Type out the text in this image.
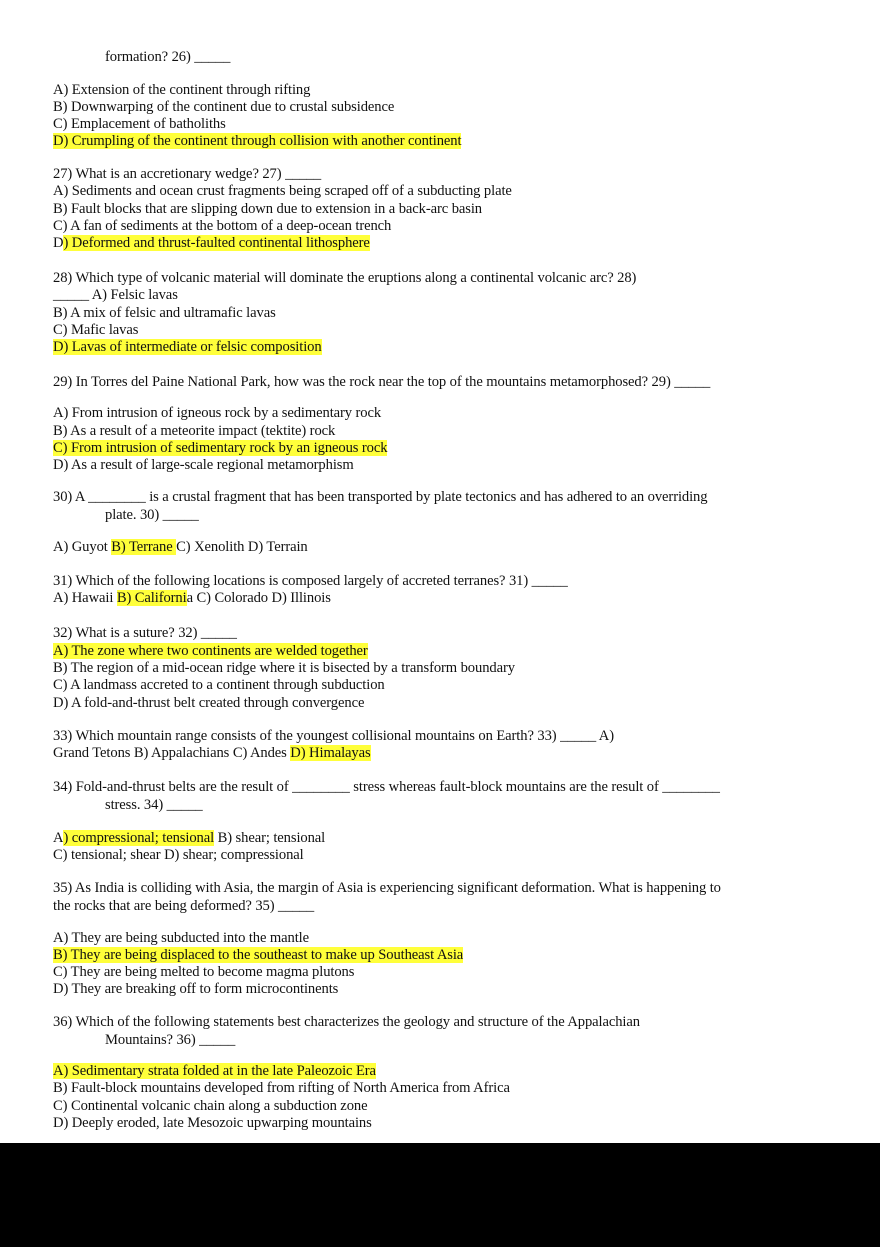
formation? 26) _____
A) Extension of the continent through rifting
B) Downwarping of the continent due to crustal subsidence
C) Emplacement of batholiths
D) Crumpling of the continent through collision with another continent
27) What is an accretionary wedge? 27) _____
A) Sediments and ocean crust fragments being scraped off of a subducting plate
B) Fault blocks that are slipping down due to extension in a back-arc basin
C) A fan of sediments at the bottom of a deep-ocean trench
D) Deformed and thrust-faulted continental lithosphere
28) Which type of volcanic material will dominate the eruptions along a continental volcanic arc? 28)
_____ A) Felsic lavas
B) A mix of felsic and ultramafic lavas
C) Mafic lavas
D) Lavas of intermediate or felsic composition
29) In Torres del Paine National Park, how was the rock near the top of the mountains metamorphosed? 29) _____
A) From intrusion of igneous rock by a sedimentary rock
B) As a result of a meteorite impact (tektite) rock
C) From intrusion of sedimentary rock by an igneous rock
D) As a result of large-scale regional metamorphism
30) A ________ is a crustal fragment that has been transported by plate tectonics and has adhered to an overriding
plate. 30) _____
A) Guyot B) Terrane C) Xenolith D) Terrain
31) Which of the following locations is composed largely of accreted terranes? 31) _____
A) Hawaii B) California C) Colorado D) Illinois
32) What is a suture? 32) _____
A) The zone where two continents are welded together
B) The region of a mid-ocean ridge where it is bisected by a transform boundary
C) A landmass accreted to a continent through subduction
D) A fold-and-thrust belt created through convergence
33) Which mountain range consists of the youngest collisional mountains on Earth? 33) _____ A)
Grand Tetons B) Appalachians C) Andes D) Himalayas
34) Fold-and-thrust belts are the result of ________ stress whereas fault-block mountains are the result of ________
stress. 34) _____
A) compressional; tensional B) shear; tensional
C) tensional; shear D) shear; compressional
35) As India is colliding with Asia, the margin of Asia is experiencing significant deformation. What is happening to
the rocks that are being deformed? 35) _____
A) They are being subducted into the mantle
B) They are being displaced to the southeast to make up Southeast Asia
C) They are being melted to become magma plutons
D) They are breaking off to form microcontinents
36) Which of the following statements best characterizes the geology and structure of the Appalachian
Mountains? 36) _____
A) Sedimentary strata folded at in the late Paleozoic Era
B) Fault-block mountains developed from rifting of North America from Africa
C) Continental volcanic chain along a subduction zone
D) Deeply eroded, late Mesozoic upwarping mountains
